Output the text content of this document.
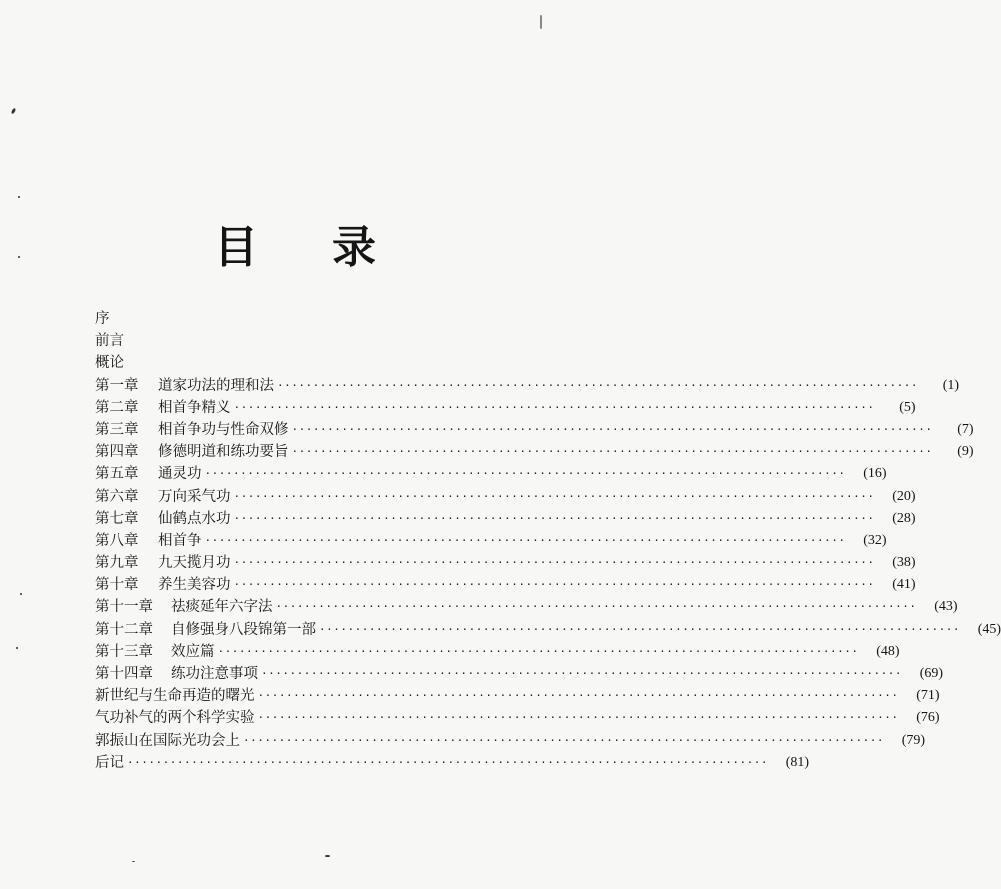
目 录
序
前言
概论
第一章 道家功法的理和法 ··························································································	(1)
第二章 相首争精义 ··························································································	(5)
第三章 相首争功与性命双修 ··························································································	(7)
第四章 修德明道和练功要旨 ··························································································	(9)
第五章 通灵功 ··························································································	(16)
第六章 万向采气功 ··························································································	(20)
第七章 仙鹤点水功 ··························································································	(28)
第八章 相首争 ··························································································	(32)
第九章 九天揽月功 ··························································································	(38)
第十章 养生美容功 ··························································································	(41)
第十一章 祛痰延年六字法 ··························································································	(43)
第十二章 自修强身八段锦第一部 ··························································································	(45)
第十三章 效应篇 ··························································································	(48)
第十四章 练功注意事项 ··························································································	(69)
新世纪与生命再造的曙光 ··························································································	(71)
气功补气的两个科学实验 ··························································································	(76)
郭振山在国际光功会上 ··························································································	(79)
后记 ··························································································	(81)
